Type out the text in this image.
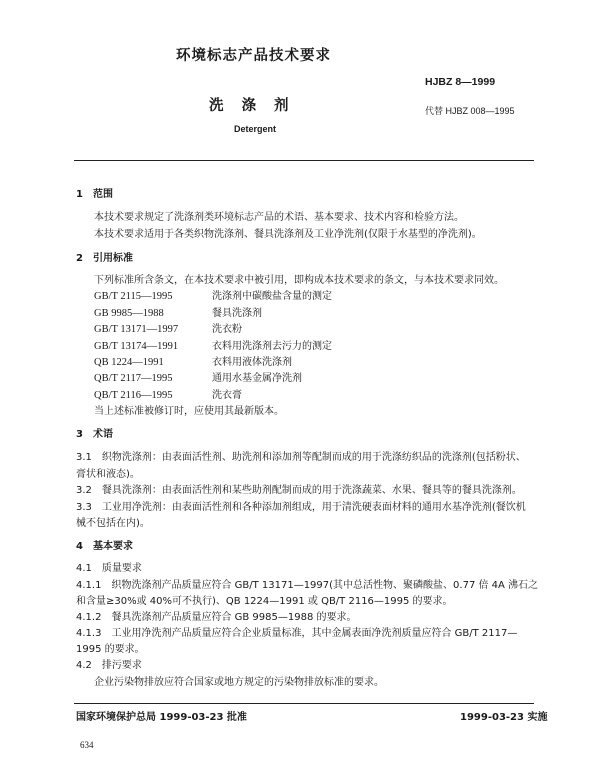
环境标志产品技术要求
HJBZ 8—1999
洗涤剂	代替 HJBZ 008—1995
Detergent
1　范围
本技术要求规定了洗涤剂类环境标志产品的术语、基本要求、技术内容和检验方法。
本技术要求适用于各类织物洗涤剂、餐具洗涤剂及工业净洗剂(仅限于水基型的净洗剂)。
2　引用标准
下列标准所含条文，在本技术要求中被引用，即构成本技术要求的条文，与本技术要求同效。
GB/T 2115—1995	洗涤剂中碳酸盐含量的测定
GB 9985—1988	餐具洗涤剂
GB/T 13171—1997	洗衣粉
GB/T 13174—1991	衣料用洗涤剂去污力的测定
QB 1224—1991	衣料用液体洗涤剂
QB/T 2117—1995	通用水基金属净洗剂
QB/T 2116—1995	洗衣膏
当上述标准被修订时，应使用其最新版本。
3　术语
3.1　织物洗涤剂：由表面活性剂、助洗剂和添加剂等配制而成的用于洗涤纺织品的洗涤剂(包括粉状、
膏状和液态)。
3.2　餐具洗涤剂：由表面活性剂和某些助剂配制而成的用于洗涤蔬菜、水果、餐具等的餐具洗涤剂。
3.3　工业用净洗剂：由表面活性剂和各种添加剂组成，用于清洗硬表面材料的通用水基净洗剂(餐饮机
械不包括在内)。
4　基本要求
4.1　质量要求
4.1.1　织物洗涤剂产品质量应符合 GB/T 13171—1997(其中总活性物、聚磷酸盐、0.77 倍 4A 沸石之
和含量≥30%或 40%可不执行)、QB 1224—1991 或 QB/T 2116—1995 的要求。
4.1.2　餐具洗涤剂产品质量应符合 GB 9985—1988 的要求。
4.1.3　工业用净洗剂产品质量应符合企业质量标准，其中金属表面净洗剂质量应符合 GB/T 2117—
1995 的要求。
4.2　排污要求
企业污染物排放应符合国家或地方规定的污染物排放标准的要求。
国家环境保护总局 1999-03-23 批准	1999-03-23 实施
634
